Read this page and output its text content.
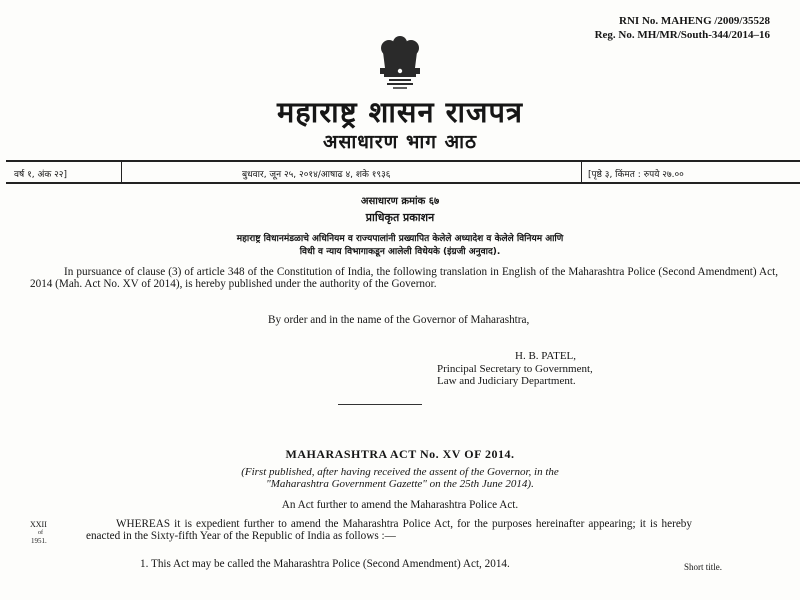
RNI No. MAHENG /2009/35528
Reg. No. MH/MR/South-344/2014–16
महाराष्ट्र शासन राजपत्र
असाधारण भाग आठ
वर्ष १, अंक २२]	बुधवार, जून २५, २०१४/आषाढ ४, शके १९३६	[पृष्ठे ३, किंमत : रुपये २७.००
असाधारण क्रमांक ६७
प्राधिकृत प्रकाशन
महाराष्ट्र विधानमंडळाचे अधिनियम व राज्यपालांनी प्रख्यापित केलेले अध्यादेश व केलेले विनियम आणि
विधी व न्याय विभागाकडून आलेली विधेयके (इंग्रजी अनुवाद).
In pursuance of clause (3) of article 348 of the Constitution of India, the following translation in English of the Maharashtra Police (Second Amendment) Act, 2014 (Mah. Act No. XV of 2014), is hereby published under the authority of the Governor.
By order and in the name of the Governor of Maharashtra,
H. B. PATEL,
Principal Secretary to Government,
Law and Judiciary Department.
MAHARASHTRA ACT No. XV OF 2014.
(First published, after having received the assent of the Governor, in the
"Maharashtra Government Gazette" on the 25th June 2014).
An Act further to amend the Maharashtra Police Act.
XXII
of
1951.
WHEREAS it is expedient further to amend the Maharashtra Police Act, for the purposes hereinafter appearing; it is hereby enacted in the Sixty-fifth Year of the Republic of India as follows :—
1. This Act may be called the Maharashtra Police (Second Amendment) Act, 2014.	Short title.
